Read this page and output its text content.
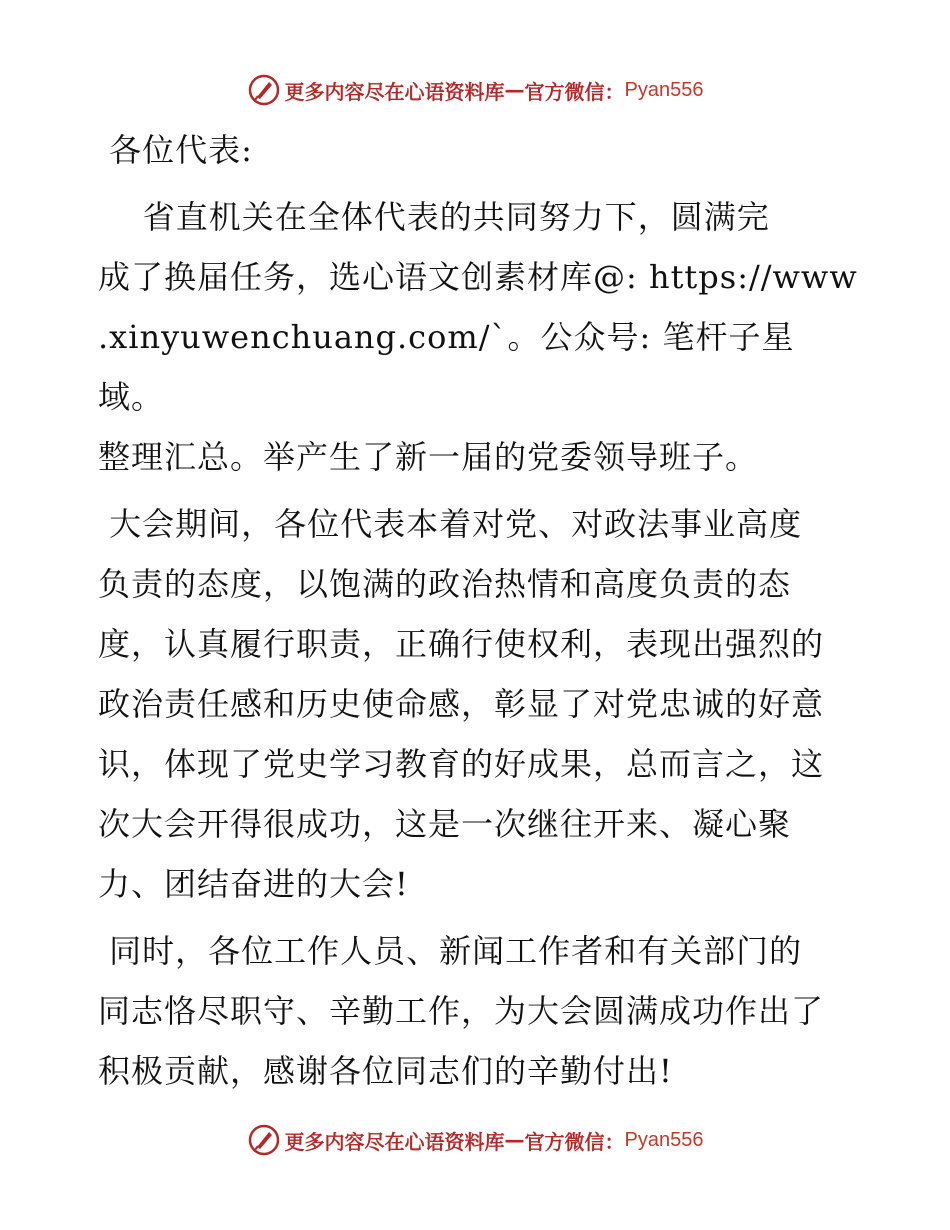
更多内容尽在心语资料库 — 官方微信： Pyan556

各位代表:

省直机关在全体代表的共同努力下，圆满完

成了换届任务，选心语文创素材库@: https://www

.xinyuwenchuang.com/`。公众号: 笔杆子星域。

整理汇总。举产生了新一届的党委领导班子。

大会期间，各位代表本着对党、对政法事业高度

负责的态度，以饱满的政治热情和高度负责的态

度，认真履行职责，正确行使权利，表现出强烈的

政治责任感和历史使命感，彰显了对党忠诚的好意

识，体现了党史学习教育的好成果，总而言之，这

次大会开得很成功，这是一次继往开来、凝心聚

力、团结奋进的大会!

同时，各位工作人员、新闻工作者和有关部门的

同志恪尽职守、辛勤工作，为大会圆满成功作出了

积极贡献，感谢各位同志们的辛勤付出!

更多内容尽在心语资料库 — 官方微信： Pyan556
